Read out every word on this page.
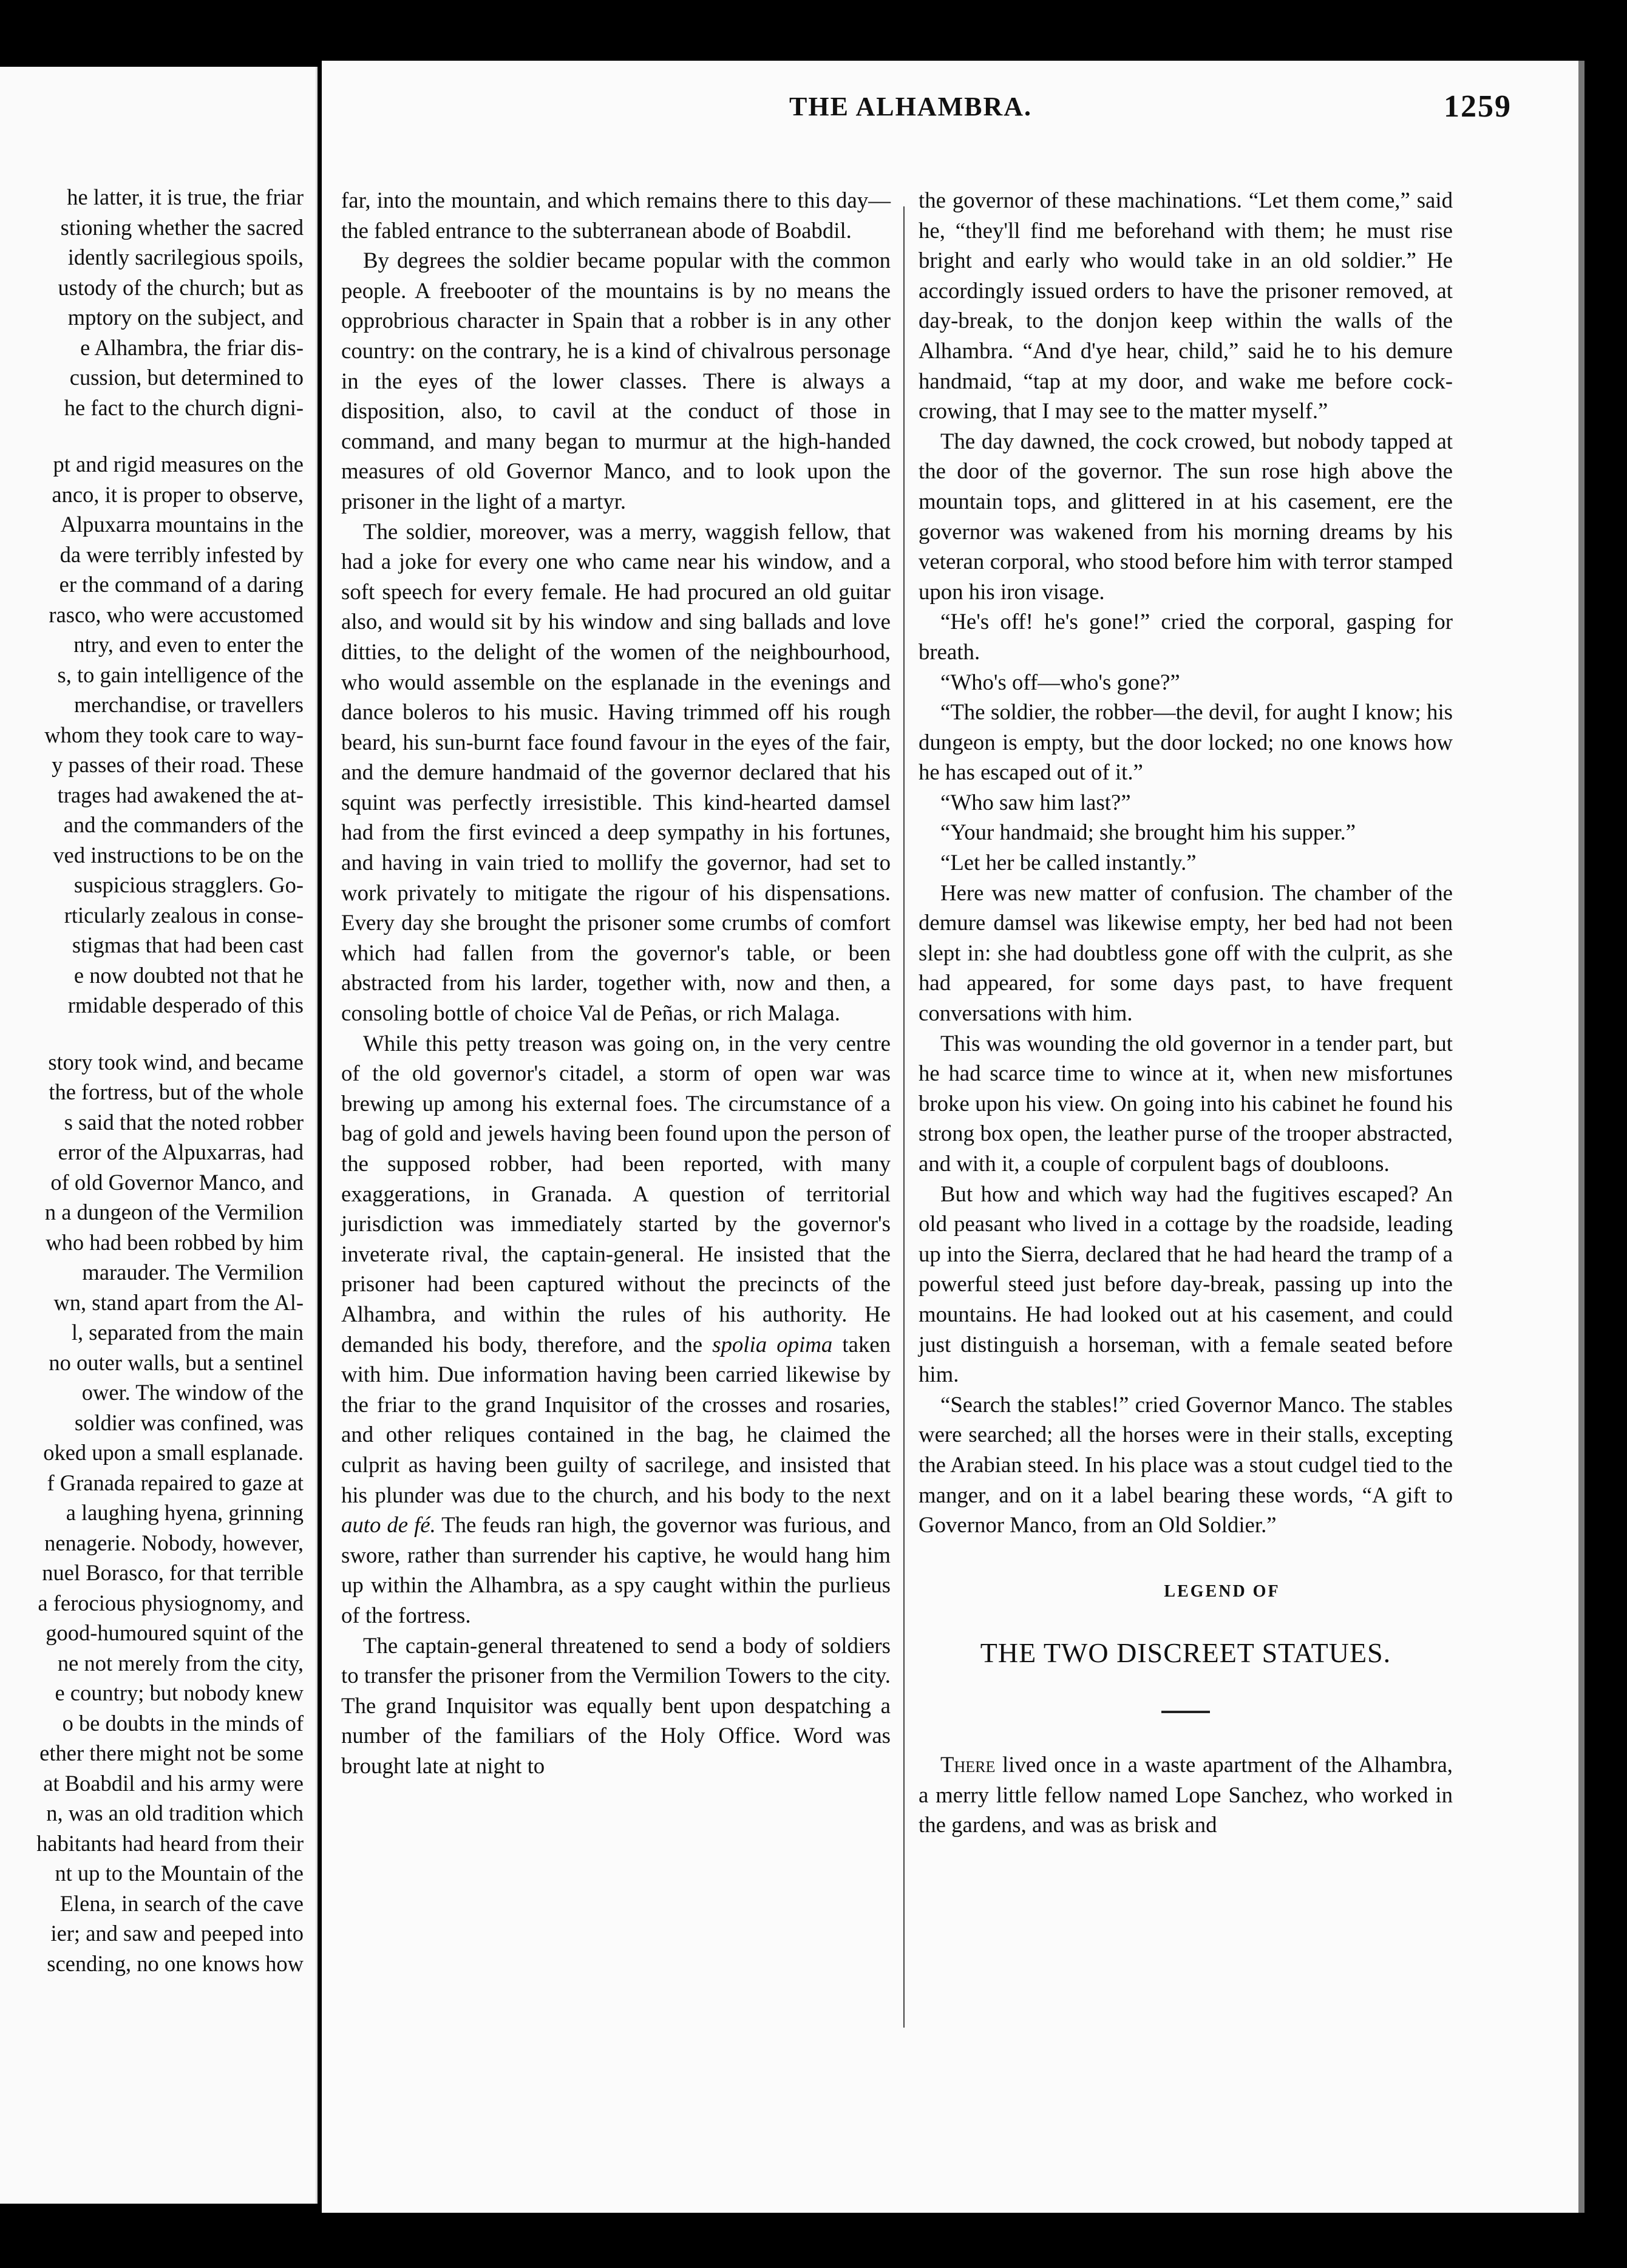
he latter, it is true, the friar

stioning whether the sacred

idently sacrilegious spoils,

ustody of the church; but as

mptory on the subject, and

e Alhambra, the friar dis-

cussion, but determined to

he fact to the church digni-

pt and rigid measures on the

anco, it is proper to observe,

Alpuxarra mountains in the

da were terribly infested by

er the command of a daring

rasco, who were accustomed

ntry, and even to enter the

s, to gain intelligence of the

merchandise, or travellers

whom they took care to way-

y passes of their road. These

trages had awakened the at-

and the commanders of the

ved instructions to be on the

suspicious stragglers. Go-

rticularly zealous in conse-

stigmas that had been cast

e now doubted not that he

rmidable desperado of this

story took wind, and became

the fortress, but of the whole

s said that the noted robber

error of the Alpuxarras, had

of old Governor Manco, and

n a dungeon of the Vermilion

who had been robbed by him

marauder. The Vermilion

wn, stand apart from the Al-

l, separated from the main

no outer walls, but a sentinel

ower. The window of the

soldier was confined, was

oked upon a small esplanade.

f Granada repaired to gaze at

a laughing hyena, grinning

nenagerie. Nobody, however,

nuel Borasco, for that terrible

a ferocious physiognomy, and

good-humoured squint of the

ne not merely from the city,

e country; but nobody knew

o be doubts in the minds of

ether there might not be some

at Boabdil and his army were

n, was an old tradition which

habitants had heard from their

nt up to the Mountain of the

Elena, in search of the cave

ier; and saw and peeped into

scending, no one knows how

THE ALHAMBRA.	1259

far, into the mountain, and which remains there to this day—the fabled entrance to the subterranean abode of Boabdil.

By degrees the soldier became popular with the common people. A freebooter of the mountains is by no means the opprobrious character in Spain that a robber is in any other country: on the contrary, he is a kind of chivalrous personage in the eyes of the lower classes. There is always a disposition, also, to cavil at the conduct of those in command, and many began to murmur at the high-handed measures of old Governor Manco, and to look upon the prisoner in the light of a martyr.

The soldier, moreover, was a merry, waggish fellow, that had a joke for every one who came near his window, and a soft speech for every female. He had procured an old guitar also, and would sit by his window and sing ballads and love ditties, to the delight of the women of the neighbourhood, who would assemble on the esplanade in the evenings and dance boleros to his music. Having trimmed off his rough beard, his sun-burnt face found favour in the eyes of the fair, and the demure handmaid of the governor declared that his squint was perfectly irresistible. This kind-hearted damsel had from the first evinced a deep sympathy in his fortunes, and having in vain tried to mollify the governor, had set to work privately to mitigate the rigour of his dispensations. Every day she brought the prisoner some crumbs of comfort which had fallen from the governor's table, or been abstracted from his larder, together with, now and then, a consoling bottle of choice Val de Peñas, or rich Malaga.

While this petty treason was going on, in the very centre of the old governor's citadel, a storm of open war was brewing up among his external foes. The circumstance of a bag of gold and jewels having been found upon the person of the supposed robber, had been reported, with many exaggerations, in Granada. A question of territorial jurisdiction was immediately started by the governor's inveterate rival, the captain-general. He insisted that the prisoner had been captured without the precincts of the Alhambra, and within the rules of his authority. He demanded his body, therefore, and the spolia opima taken with him. Due information having been carried likewise by the friar to the grand Inquisitor of the crosses and rosaries, and other reliques contained in the bag, he claimed the culprit as having been guilty of sacrilege, and insisted that his plunder was due to the church, and his body to the next auto de fé. The feuds ran high, the governor was furious, and swore, rather than surrender his captive, he would hang him up within the Alhambra, as a spy caught within the purlieus of the fortress.

The captain-general threatened to send a body of soldiers to transfer the prisoner from the Vermilion Towers to the city. The grand Inquisitor was equally bent upon despatching a number of the familiars of the Holy Office. Word was brought late at night to

the governor of these machinations. “Let them come,” said he, “they'll find me beforehand with them; he must rise bright and early who would take in an old soldier.” He accordingly issued orders to have the prisoner removed, at day-break, to the donjon keep within the walls of the Alhambra. “And d'ye hear, child,” said he to his demure handmaid, “tap at my door, and wake me before cock-crowing, that I may see to the matter myself.”

The day dawned, the cock crowed, but nobody tapped at the door of the governor. The sun rose high above the mountain tops, and glittered in at his casement, ere the governor was wakened from his morning dreams by his veteran corporal, who stood before him with terror stamped upon his iron visage.

“He's off! he's gone!” cried the corporal, gasping for breath.

“Who's off—who's gone?”

“The soldier, the robber—the devil, for aught I know; his dungeon is empty, but the door locked; no one knows how he has escaped out of it.”

“Who saw him last?”

“Your handmaid; she brought him his supper.”

“Let her be called instantly.”

Here was new matter of confusion. The chamber of the demure damsel was likewise empty, her bed had not been slept in: she had doubtless gone off with the culprit, as she had appeared, for some days past, to have frequent conversations with him.

This was wounding the old governor in a tender part, but he had scarce time to wince at it, when new misfortunes broke upon his view. On going into his cabinet he found his strong box open, the leather purse of the trooper abstracted, and with it, a couple of corpulent bags of doubloons.

But how and which way had the fugitives escaped? An old peasant who lived in a cottage by the roadside, leading up into the Sierra, declared that he had heard the tramp of a powerful steed just before day-break, passing up into the mountains. He had looked out at his casement, and could just distinguish a horseman, with a female seated before him.

“Search the stables!” cried Governor Manco. The stables were searched; all the horses were in their stalls, excepting the Arabian steed. In his place was a stout cudgel tied to the manger, and on it a label bearing these words, “A gift to Governor Manco, from an Old Soldier.”

LEGEND OF
THE TWO DISCREET STATUES.

There lived once in a waste apartment of the Alhambra, a merry little fellow named Lope Sanchez, who worked in the gardens, and was as brisk and
